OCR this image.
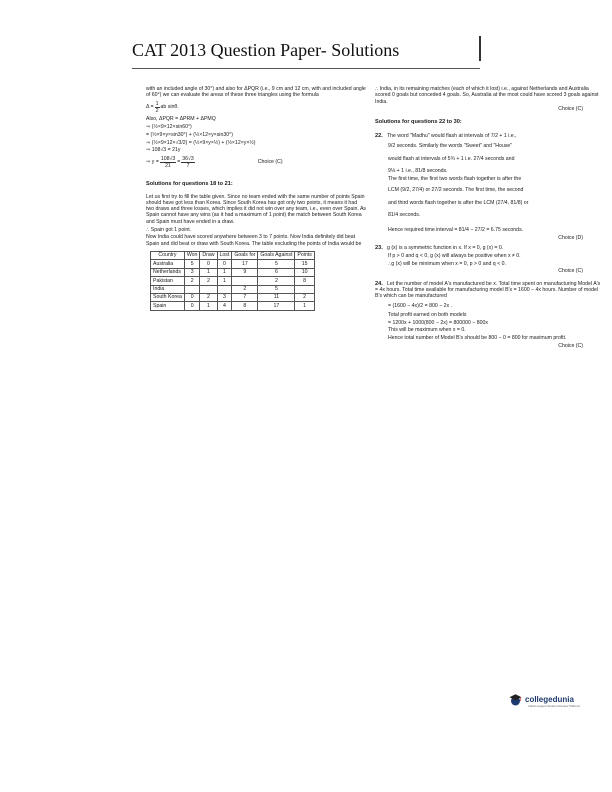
CAT 2013 Question Paper- Solutions

with an included angle of 30°) and also for ΔPQR (i.e., 9 cm and 12 cm, with and included angle of 60°) we can evaluate the areas of these three triangles using the formula

$\Delta = \frac{1}{2}$ ab sinθ.

Also, ΔPQR = ΔPRM + ΔPMQ

⇒ (½×9×12×sin60°)

= (½×9×y×sin30°) + (½×12×y×sin30°)

⇒ (½×9×12×√3/2) = (½×9×y×½) + (½×12×y×½)

⇒ 108√3 = 21y

⇒ $y = \frac{108√3}{21} = \frac{36√3}{7}$	Choice (C)

Solutions for questions 18 to 21:

Let us first try to fill the table given. Since no team ended with the same number of points Spain should have got less than Korea. Since South Korea has got only two points, it means it had two draws and three losses, which implies it did not win over any team, i.e., even over Spain. As Spain cannot have any wins (as it had a maximum of 1 point) the match between South Korea and Spain must have ended in a draw.

∴ Spain got 1 point.

Now India could have scored anywhere between 3 to 7 points. Now India definitely did beat Spain and did beat or draw with South Korea. The table excluding the points of India would be

Country	Won	Draw	Lost	Goals for	Goals Against	Points
Australia	5	0	0	17	5	15
Netherlands	3	1	1	9	6	10
Pakistan	2	2	1		2	8
India				2	5	
South Korea	0	2	3	7	11	2
Spain	0	1	4	8	17	1

∴ India, in its remaining matches (each of which it lost) i.e., against Netherlands and Australia scored 0 goals but conceded 4 goals. So, Australia at the most could have scored 3 goals against India.

Choice (C)

Solutions for questions 22 to 30:

22. The word "Madhu" would flash at intervals of 7/2 + 1 i.e.,

9/2 seconds. Similarly the words "Sweet" and "House"

would flash at intervals of 5¾ + 1 i.e. 27/4 seconds and

9⅛ + 1 i.e., 81/8 seconds.

The first time, the first two words flash together is after the

LCM (9/2, 27/4) or 27/2 seconds. The first time, the second

and third words flash together is after the LCM (27/4, 81/8) or

81/4 seconds.

Hence required time interval = 81/4 − 27/2 = 6.75 seconds.

Choice (D)

23. g (x) is a symmetric function in x. If x = 0, g (x) = 0.

If p > 0 and q < 0, g (x) will always be positive when x ≠ 0.

∴g (x) will be minimum when x = 0, p > 0 and q < 0.

Choice (C)

24. Let the number of model A's manufactured be x. Total time spent on manufacturing Model A's = 4x hours. Total time available for manufacturing model B's = 1600 − 4x hours. Number of model B's which can be manufactured

= (1600 − 4x)/2 = 800 − 2x .

Total profit earned on both models

= 1200x + 1000(800 − 2x) = 800000 − 800x

This will be maximum when x = 0.

Hence total number of Model B's should be 800 − 0 = 800 for maximum profit.

Choice (C)

collegedunia
India's largest Student Review Platform
